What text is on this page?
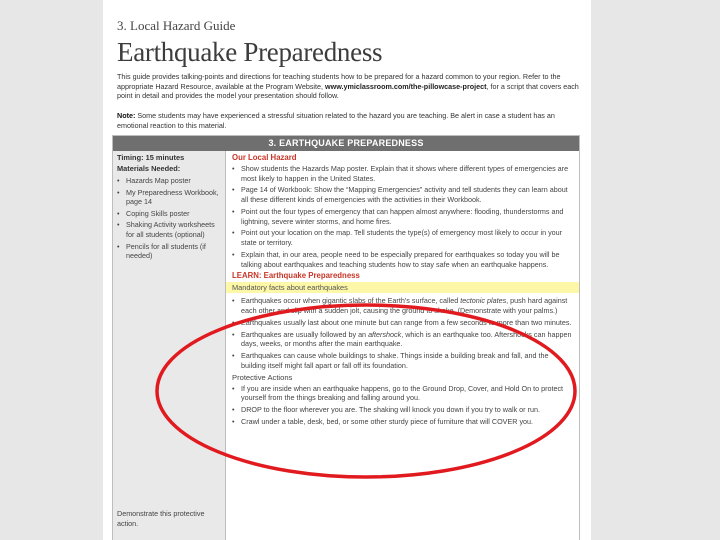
3. Local Hazard Guide
Earthquake Preparedness
This guide provides talking-points and directions for teaching students how to be prepared for a hazard common to your region. Refer to the appropriate Hazard Resource, available at the Program Website, www.ymiclassroom.com/the-pillowcase-project, for a script that covers each point in detail and provides the model your presentation should follow.
Note: Some students may have experienced a stressful situation related to the hazard you are teaching. Be alert in case a student has an emotional reaction to this material.
3. EARTHQUAKE PREPAREDNESS
Timing: 15 minutes
Materials Needed:
• Hazards Map poster
• My Preparedness Workbook, page 14
• Coping Skills poster
• Shaking Activity worksheets for all students (optional)
• Pencils for all students (if needed)
Demonstrate this protective action.
Our Local Hazard
• Show students the Hazards Map poster. Explain that it shows where different types of emergencies are most likely to happen in the United States.
• Page 14 of Workbook: Show the “Mapping Emergencies” activity and tell students they can learn about all these different kinds of emergencies with the activities in their Workbook.
• Point out the four types of emergency that can happen almost anywhere: flooding, thunderstorms and lightning, severe winter storms, and home fires.
• Point out your location on the map. Tell students the type(s) of emergency most likely to occur in your state or territory.
• Explain that, in our area, people need to be especially prepared for earthquakes so today you will be talking about earthquakes and teaching students how to stay safe when an earthquake happens.
LEARN: Earthquake Preparedness
Mandatory facts about earthquakes
• Earthquakes occur when gigantic slabs of the Earth’s surface, called tectonic plates, push hard against each other and slip with a sudden jolt, causing the ground to shake. (Demonstrate with your palms.)
• Earthquakes usually last about one minute but can range from a few seconds to more than two minutes.
• Earthquakes are usually followed by an aftershock, which is an earthquake too. Aftershocks can happen days, weeks, or months after the main earthquake.
• Earthquakes can cause whole buildings to shake. Things inside a building break and fall, and the building itself might fall apart or fall off its foundation.
Protective Actions
• If you are inside when an earthquake happens, go to the Ground Drop, Cover, and Hold On to protect yourself from the things breaking and falling around you.
• DROP to the floor wherever you are. The shaking will knock you down if you try to walk or run.
• Crawl under a table, desk, bed, or some other sturdy piece of furniture that will COVER you.
